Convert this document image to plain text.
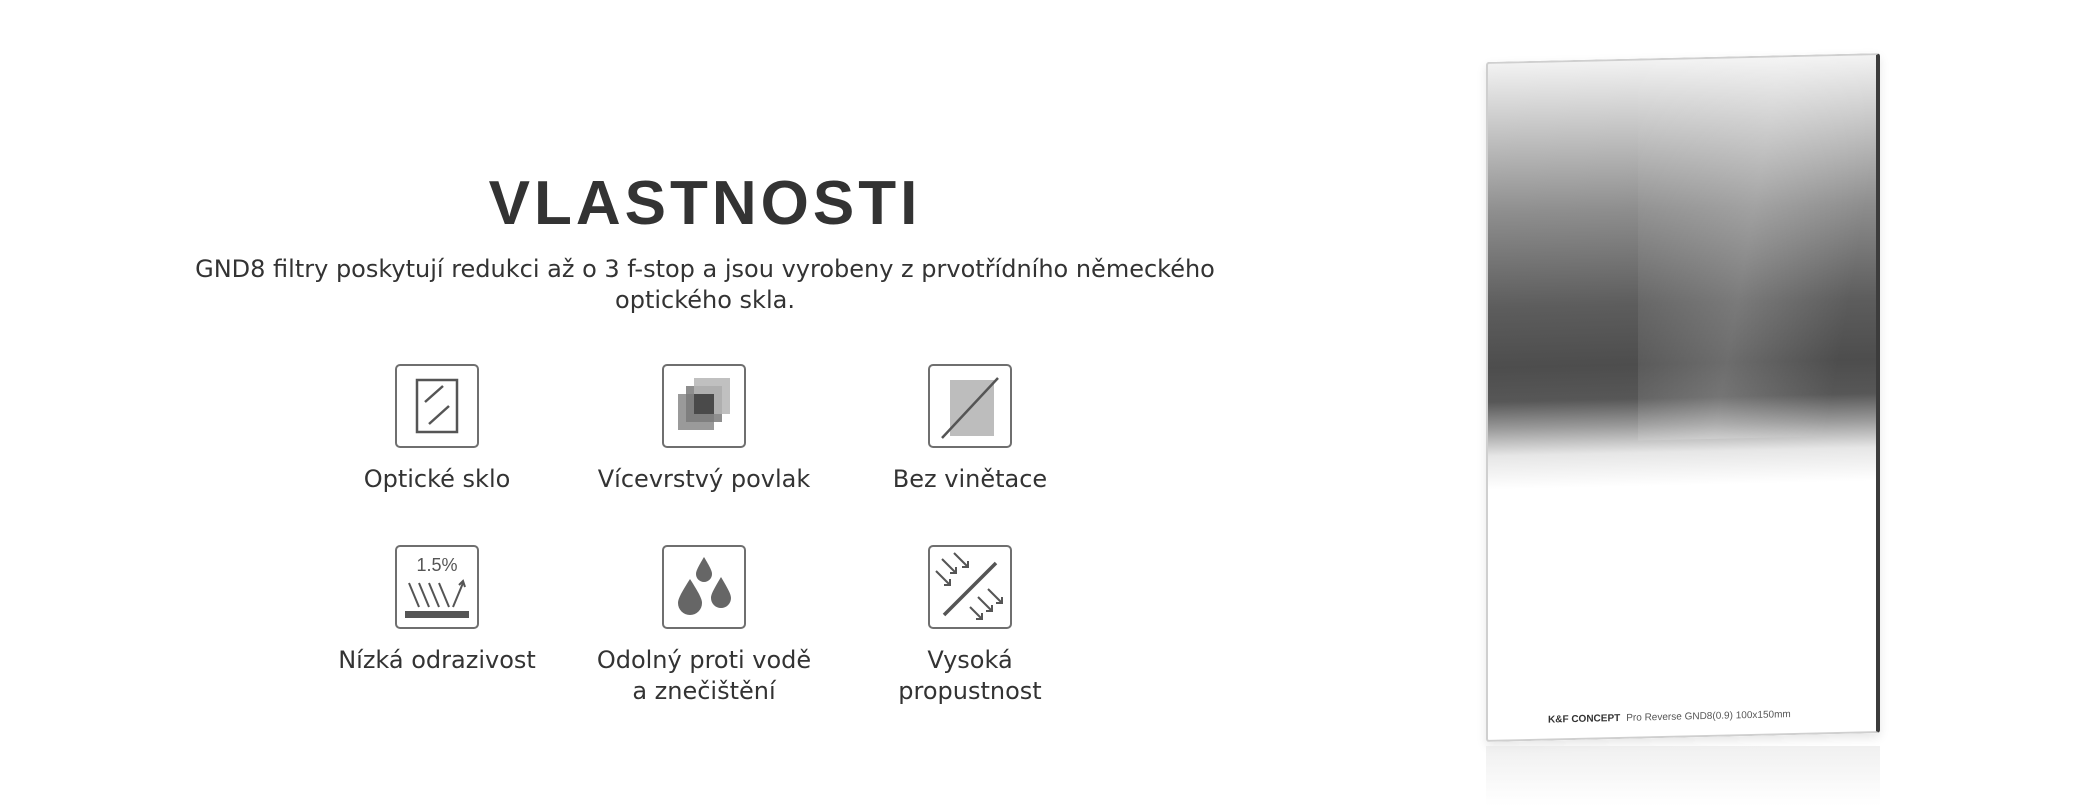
VLASTNOSTI

GND8 filtry poskytují redukci až o 3 f-stop a jsou vyrobeny z prvotřídního německého optického skla.

Optické sklo	Vícevrstvý povlak	Bez vinětace
1.5%
Nízká odrazivost	Odolný proti vodě
a znečištění
Vysoká
propustnost
K&F CONCEPT Pro Reverse GND8(0.9) 100x150mm
